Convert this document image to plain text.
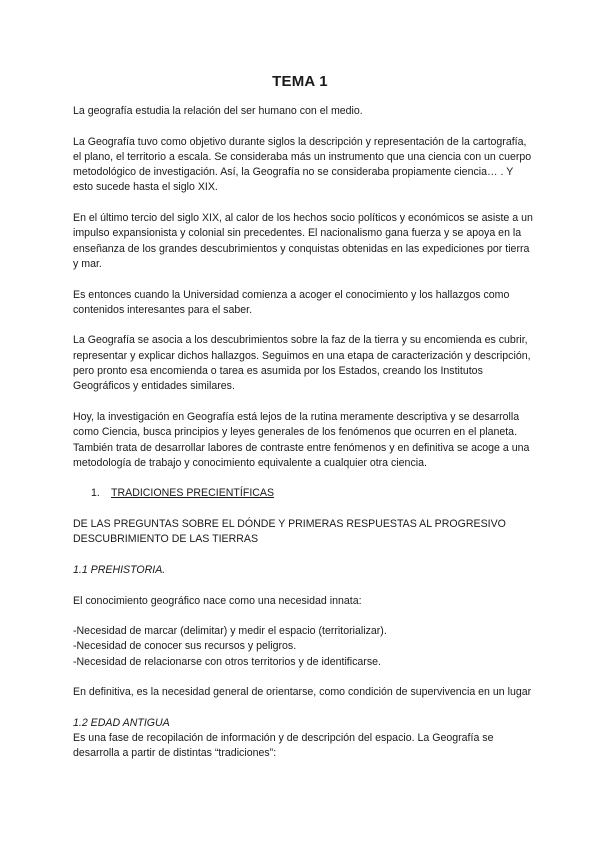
TEMA 1

La geografía estudia la relación del ser humano con el medio.

La Geografía tuvo como objetivo durante siglos la descripción y representación de la cartografía, el plano, el territorio a escala. Se consideraba más un instrumento que una ciencia con un cuerpo metodológico de investigación. Así, la Geografía no se consideraba propiamente ciencia… . Y esto sucede hasta el siglo XIX.

En el último tercio del siglo XIX, al calor de los hechos socio políticos y económicos se asiste a un impulso expansionista y colonial sin precedentes. El nacionalismo gana fuerza y se apoya en la enseñanza de los grandes descubrimientos y conquistas obtenidas en las expediciones por tierra y mar.

Es entonces cuando la Universidad comienza a acoger el conocimiento y los hallazgos como contenidos interesantes para el saber.

La Geografía se asocia a los descubrimientos sobre la faz de la tierra y su encomienda es cubrir, representar y explicar dichos hallazgos. Seguimos en una etapa de caracterización y descripción, pero pronto esa encomienda o tarea es asumida por los Estados, creando los Institutos Geográficos y entidades similares.

Hoy, la investigación en Geografía está lejos de la rutina meramente descriptiva y se desarrolla como Ciencia, busca principios y leyes generales de los fenómenos que ocurren en el planeta. También trata de desarrollar labores de contraste entre fenómenos y en definitiva se acoge a una metodología de trabajo y conocimiento equivalente a cualquier otra ciencia.

1. TRADICIONES PRECIENTÍFICAS

DE LAS PREGUNTAS SOBRE EL DÓNDE Y PRIMERAS RESPUESTAS AL PROGRESIVO DESCUBRIMIENTO DE LAS TIERRAS

1.1 PREHISTORIA.

El conocimiento geográfico nace como una necesidad innata:

-Necesidad de marcar (delimitar) y medir el espacio (territorializar).

-Necesidad de conocer sus recursos y peligros.

-Necesidad de relacionarse con otros territorios y de identificarse.

En definitiva, es la necesidad general de orientarse, como condición de supervivencia en un lugar

1.2 EDAD ANTIGUA

Es una fase de recopilación de información y de descripción del espacio. La Geografía se desarrolla a partir de distintas “tradiciones”:
